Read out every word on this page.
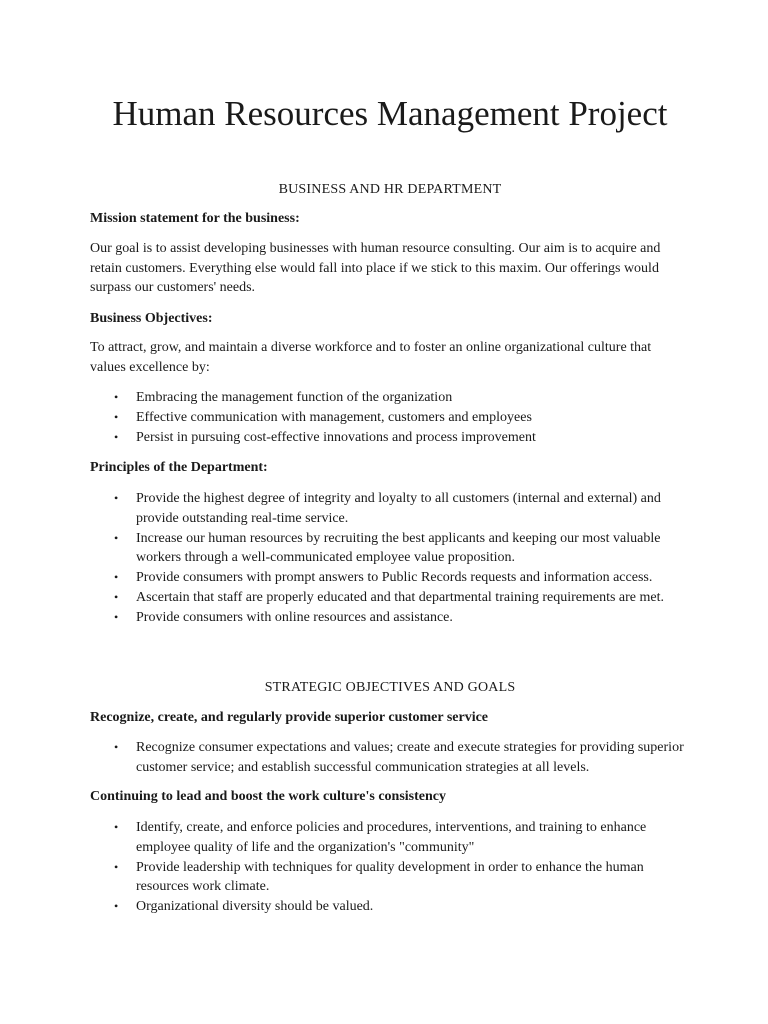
Human Resources Management Project
BUSINESS AND HR DEPARTMENT

Mission statement for the business:

Our goal is to assist developing businesses with human resource consulting. Our aim is to acquire and retain customers. Everything else would fall into place if we stick to this maxim. Our offerings would surpass our customers' needs.

Business Objectives:

To attract, grow, and maintain a diverse workforce and to foster an online organizational culture that values excellence by:

• Embracing the management function of the organization
• Effective communication with management, customers and employees
• Persist in pursuing cost-effective innovations and process improvement

Principles of the Department:

• Provide the highest degree of integrity and loyalty to all customers (internal and external) and provide outstanding real-time service.
• Increase our human resources by recruiting the best applicants and keeping our most valuable workers through a well-communicated employee value proposition.
• Provide consumers with prompt answers to Public Records requests and information access.
• Ascertain that staff are properly educated and that departmental training requirements are met.
• Provide consumers with online resources and assistance.
STRATEGIC OBJECTIVES AND GOALS

Recognize, create, and regularly provide superior customer service

• Recognize consumer expectations and values; create and execute strategies for providing superior customer service; and establish successful communication strategies at all levels.

Continuing to lead and boost the work culture's consistency

• Identify, create, and enforce policies and procedures, interventions, and training to enhance employee quality of life and the organization's "community"
• Provide leadership with techniques for quality development in order to enhance the human resources work climate.
• Organizational diversity should be valued.
